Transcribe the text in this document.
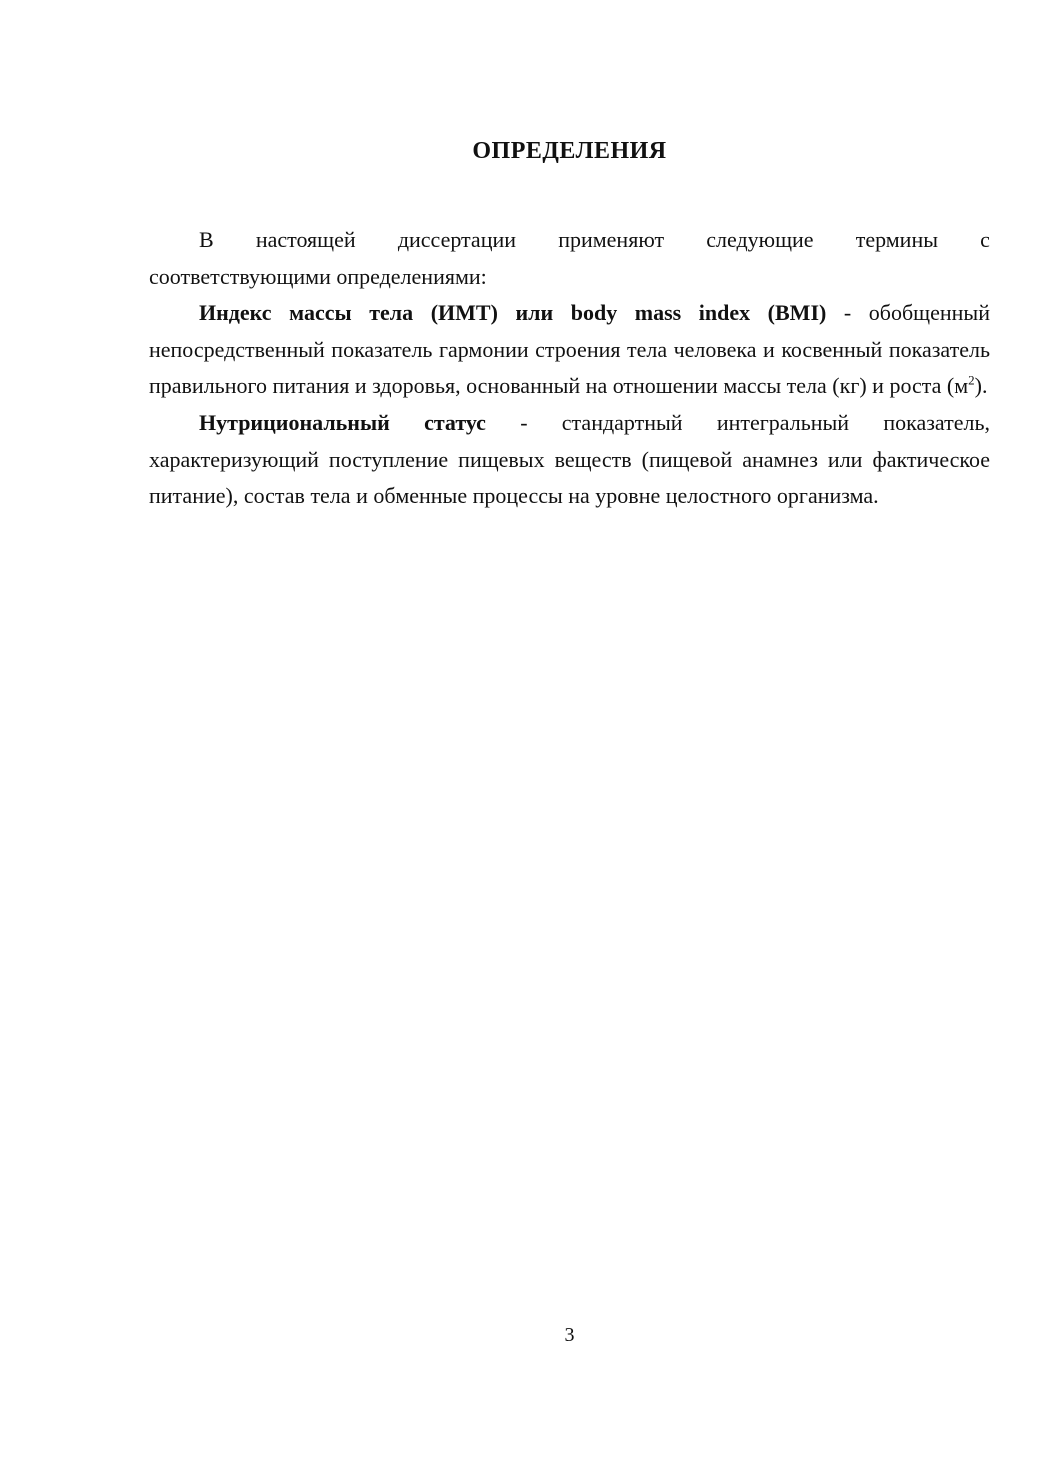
ОПРЕДЕЛЕНИЯ
В настоящей диссертации применяют следующие термины с
соответствующими определениями:

Индекс массы тела (ИМТ) или body mass index (BMI) - обобщенный непосредственный показатель гармонии строения тела человека и косвенный показатель правильного питания и здоровья, основанный на отношении массы тела (кг) и роста $(м^2)$.

Нутрициональный статус - стандартный интегральный показатель, характеризующий поступление пищевых веществ (пищевой анамнез или фактическое питание), состав тела и обменные процессы на уровне целостного организма.

3
